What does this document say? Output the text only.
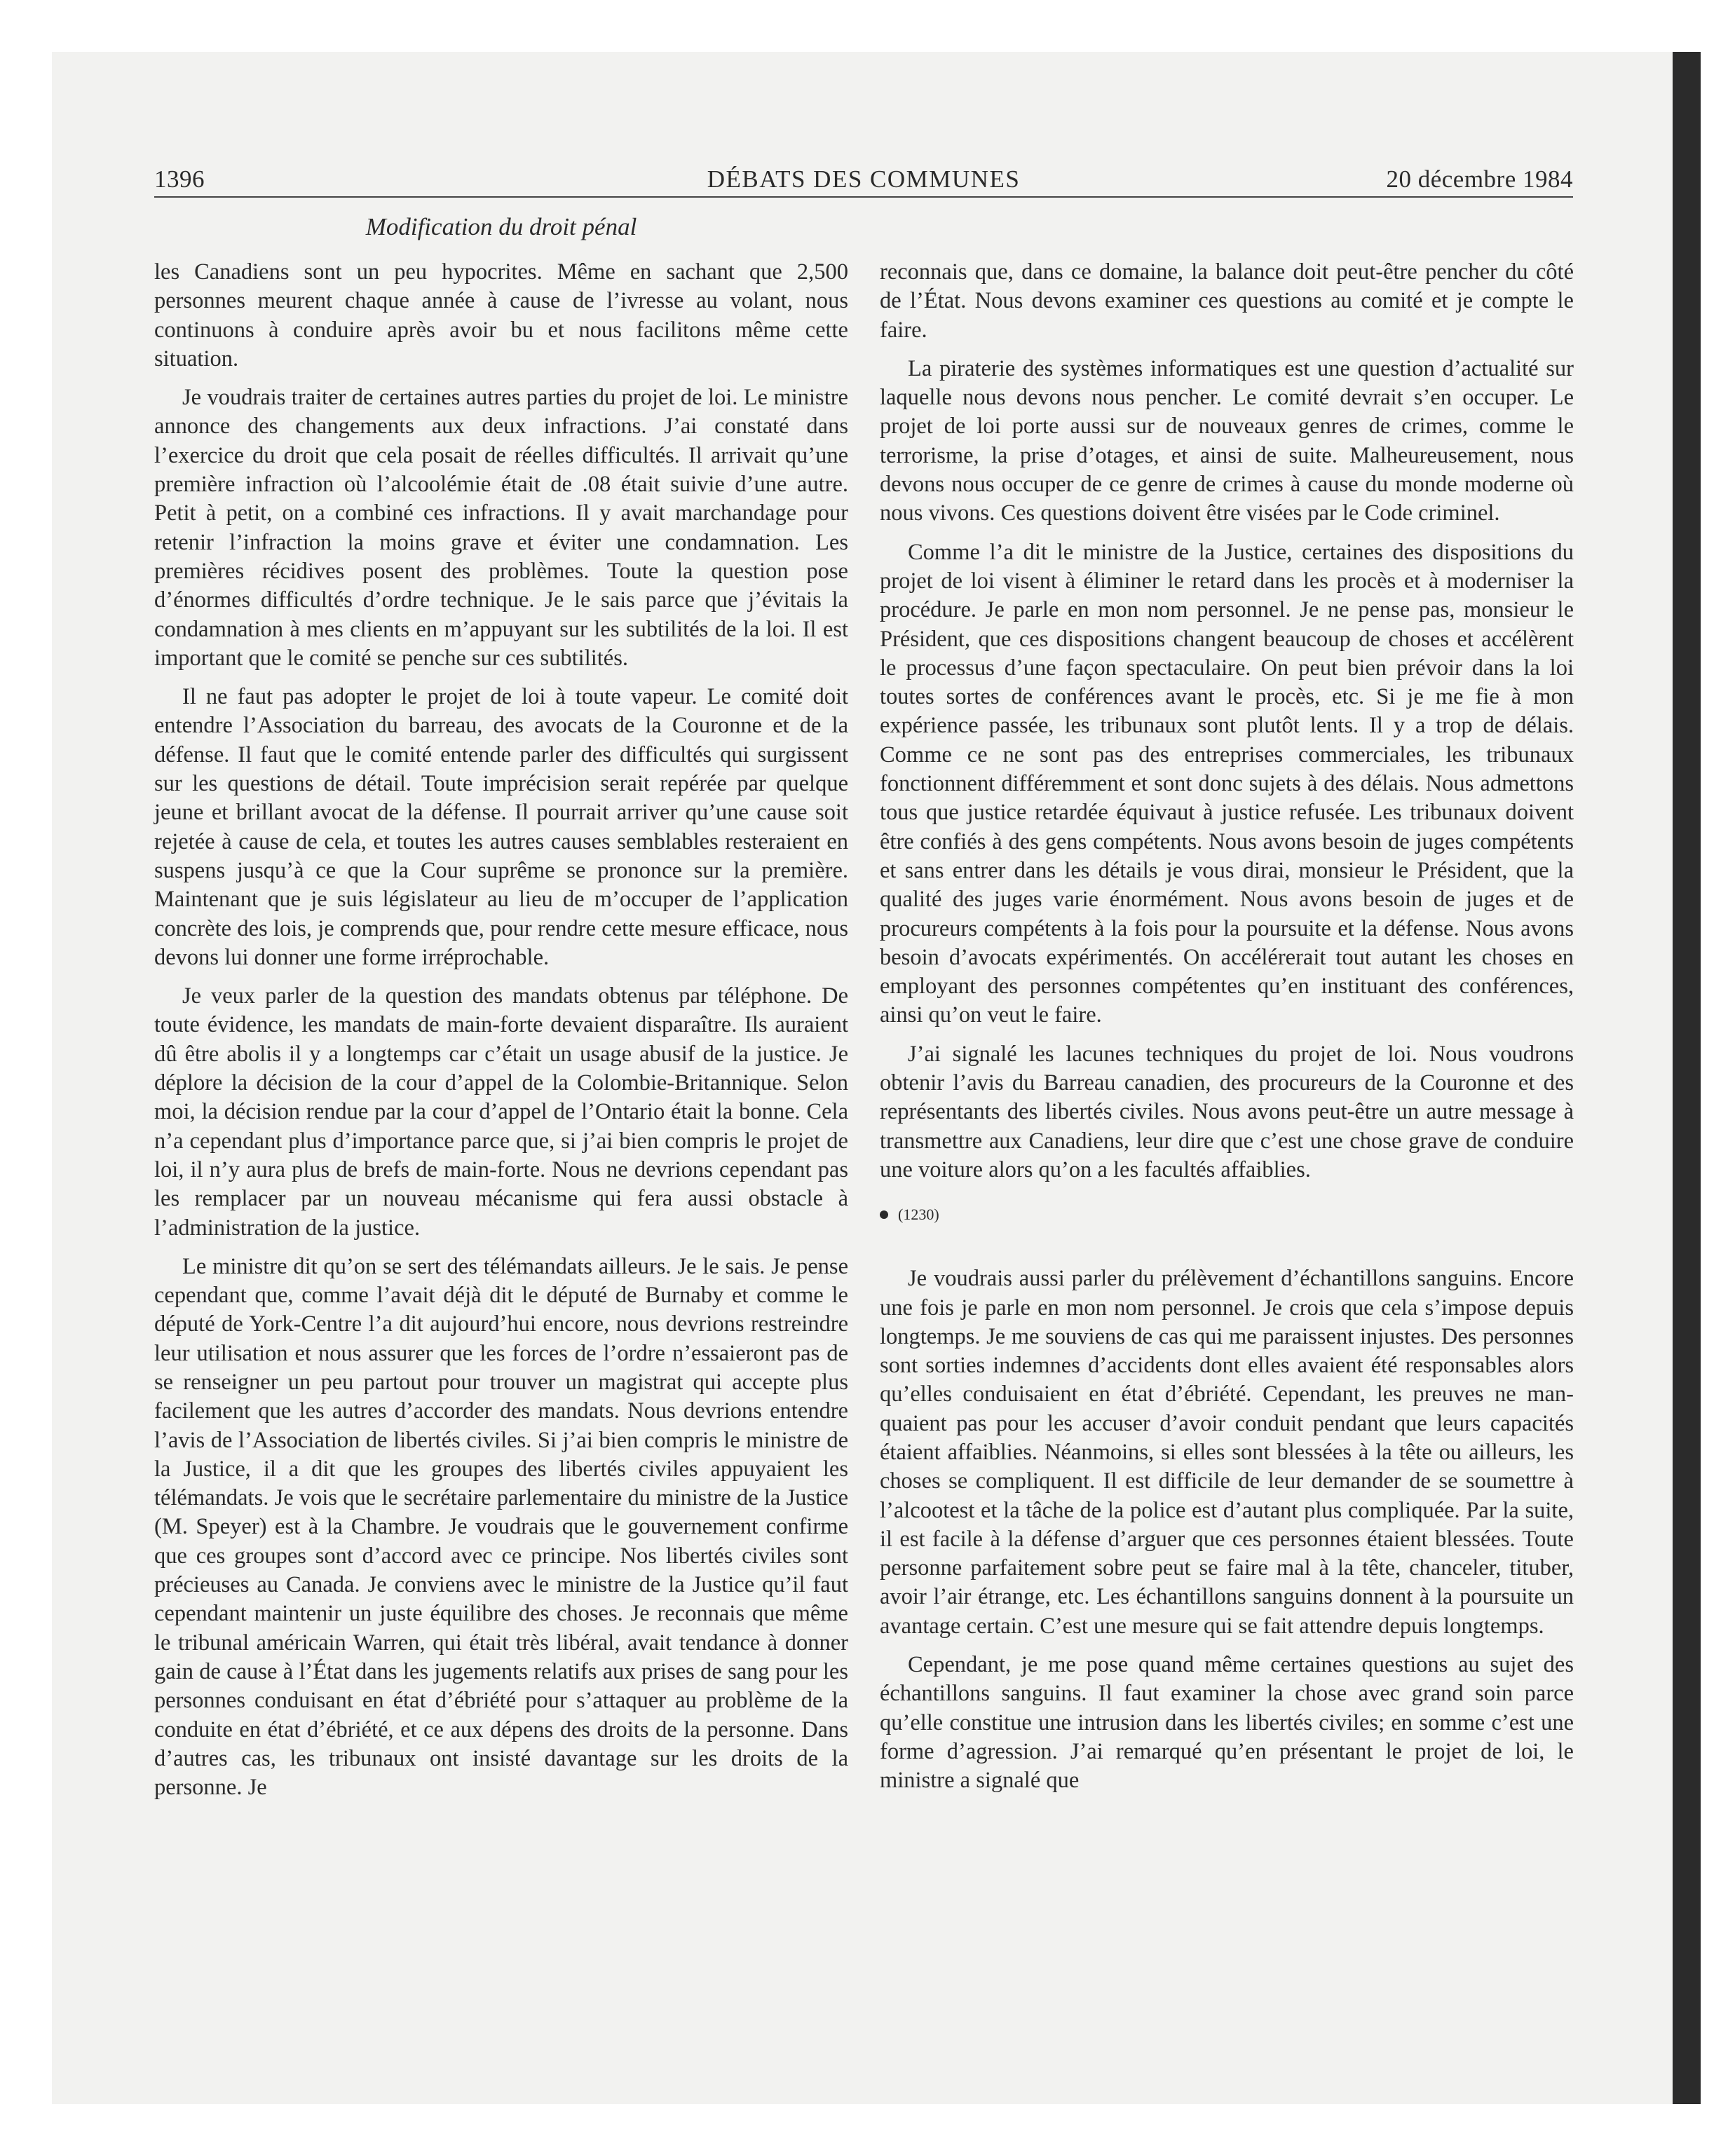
1396	DÉBATS DES COMMUNES	20 décembre 1984
Modification du droit pénal

les Canadiens sont un peu hypocrites. Même en sachant que 2,500 personnes meurent chaque année à cause de l’ivresse au volant, nous continuons à conduire après avoir bu et nous facilitons même cette situation.

Je voudrais traiter de certaines autres parties du projet de loi. Le ministre annonce des changements aux deux infractions. J’ai constaté dans l’exercice du droit que cela posait de réelles difficultés. Il arrivait qu’une première infraction où l’alcoolémie était de .08 était suivie d’une autre. Petit à petit, on a combiné ces infractions. Il y avait marchandage pour retenir l’infraction la moins grave et éviter une condamnation. Les premières récidives posent des problèmes. Toute la question pose d’énormes difficultés d’ordre technique. Je le sais parce que j’évitais la condamnation à mes clients en m’appuyant sur les subtilités de la loi. Il est important que le comité se penche sur ces subtilités.

Il ne faut pas adopter le projet de loi à toute vapeur. Le comité doit entendre l’Association du barreau, des avocats de la Couronne et de la défense. Il faut que le comité entende parler des difficultés qui surgissent sur les questions de détail. Toute imprécision serait repérée par quelque jeune et brillant avocat de la défense. Il pourrait arriver qu’une cause soit rejetée à cause de cela, et toutes les autres causes semblables resteraient en suspens jusqu’à ce que la Cour suprême se prononce sur la première. Maintenant que je suis législateur au lieu de m’occuper de l’application concrète des lois, je comprends que, pour rendre cette mesure efficace, nous devons lui donner une forme irréprochable.

Je veux parler de la question des mandats obtenus par téléphone. De toute évidence, les mandats de main-forte devaient disparaître. Ils auraient dû être abolis il y a longtemps car c’était un usage abusif de la justice. Je déplore la décision de la cour d’appel de la Colombie-Britannique. Selon moi, la décision rendue par la cour d’appel de l’Ontario était la bonne. Cela n’a cependant plus d’importance parce que, si j’ai bien compris le projet de loi, il n’y aura plus de brefs de main-forte. Nous ne devrions cependant pas les remplacer par un nouveau mécanisme qui fera aussi obstacle à l’administration de la justice.

Le ministre dit qu’on se sert des télémandats ailleurs. Je le sais. Je pense cependant que, comme l’avait déjà dit le député de Burnaby et comme le député de York-Centre l’a dit aujourd’hui encore, nous devrions restreindre leur utilisation et nous assurer que les forces de l’ordre n’essaieront pas de se renseigner un peu partout pour trouver un magistrat qui accepte plus facilement que les autres d’accorder des mandats. Nous devrions entendre l’avis de l’Association de libertés civiles. Si j’ai bien compris le ministre de la Justice, il a dit que les groupes des libertés civiles appuyaient les télémandats. Je vois que le secrétaire parlementaire du ministre de la Justice (M. Speyer) est à la Chambre. Je voudrais que le gouvernement confirme que ces groupes sont d’accord avec ce principe. Nos libertés civiles sont précieuses au Canada. Je conviens avec le ministre de la Justice qu’il faut cependant maintenir un juste équilibre des choses. Je reconnais que même le tribunal américain Warren, qui était très libéral, avait tendance à donner gain de cause à l’État dans les jugements relatifs aux prises de sang pour les personnes conduisant en état d’ébriété pour s’attaquer au problème de la conduite en état d’ébriété, et ce aux dépens des droits de la personne. Dans d’autres cas, les tribunaux ont insisté davantage sur les droits de la personne. Je

reconnais que, dans ce domaine, la balance doit peut-être pencher du côté de l’État. Nous devons examiner ces questions au comité et je compte le faire.

La piraterie des systèmes informatiques est une question d’actualité sur laquelle nous devons nous pencher. Le comité devrait s’en occuper. Le projet de loi porte aussi sur de nouveaux genres de crimes, comme le terrorisme, la prise d’otages, et ainsi de suite. Malheureusement, nous devons nous occuper de ce genre de crimes à cause du monde moderne où nous vivons. Ces questions doivent être visées par le Code criminel.

Comme l’a dit le ministre de la Justice, certaines des dispositions du projet de loi visent à éliminer le retard dans les procès et à moderniser la procédure. Je parle en mon nom personnel. Je ne pense pas, monsieur le Président, que ces dispositions changent beaucoup de choses et accélèrent le processus d’une façon spectaculaire. On peut bien prévoir dans la loi toutes sortes de conférences avant le procès, etc. Si je me fie à mon expérience passée, les tribunaux sont plutôt lents. Il y a trop de délais. Comme ce ne sont pas des entreprises commerciales, les tribunaux fonctionnent différemment et sont donc sujets à des délais. Nous admettons tous que justice retardée équivaut à justice refusée. Les tribunaux doivent être confiés à des gens compétents. Nous avons besoin de juges compétents et sans entrer dans les détails je vous dirai, monsieur le Président, que la qualité des juges varie énormément. Nous avons besoin de juges et de procureurs compétents à la fois pour la poursuite et la défense. Nous avons besoin d’avocats expérimentés. On accélérerait tout autant les choses en employant des personnes compétentes qu’en instituant des conférences, ainsi qu’on veut le faire.

J’ai signalé les lacunes techniques du projet de loi. Nous voudrons obtenir l’avis du Barreau canadien, des procureurs de la Couronne et des représentants des libertés civiles. Nous avons peut-être un autre message à transmettre aux Canadiens, leur dire que c’est une chose grave de conduire une voiture alors qu’on a les facultés affaiblies.

(1230)

Je voudrais aussi parler du prélèvement d’échantillons sanguins. Encore une fois je parle en mon nom personnel. Je crois que cela s’impose depuis longtemps. Je me souviens de cas qui me paraissent injustes. Des personnes sont sorties indemnes d’accidents dont elles avaient été responsables alors qu’elles conduisaient en état d’ébriété. Cependant, les preuves ne manquaient pas pour les accuser d’avoir conduit pendant que leurs capacités étaient affaiblies. Néanmoins, si elles sont blessées à la tête ou ailleurs, les choses se compliquent. Il est difficile de leur demander de se soumettre à l’alcootest et la tâche de la police est d’autant plus compliquée. Par la suite, il est facile à la défense d’arguer que ces personnes étaient blessées. Toute personne parfaitement sobre peut se faire mal à la tête, chanceler, tituber, avoir l’air étrange, etc. Les échantillons sanguins donnent à la poursuite un avantage certain. C’est une mesure qui se fait attendre depuis longtemps.

Cependant, je me pose quand même certaines questions au sujet des échantillons sanguins. Il faut examiner la chose avec grand soin parce qu’elle constitue une intrusion dans les libertés civiles; en somme c’est une forme d’agression. J’ai remarqué qu’en présentant le projet de loi, le ministre a signalé que
